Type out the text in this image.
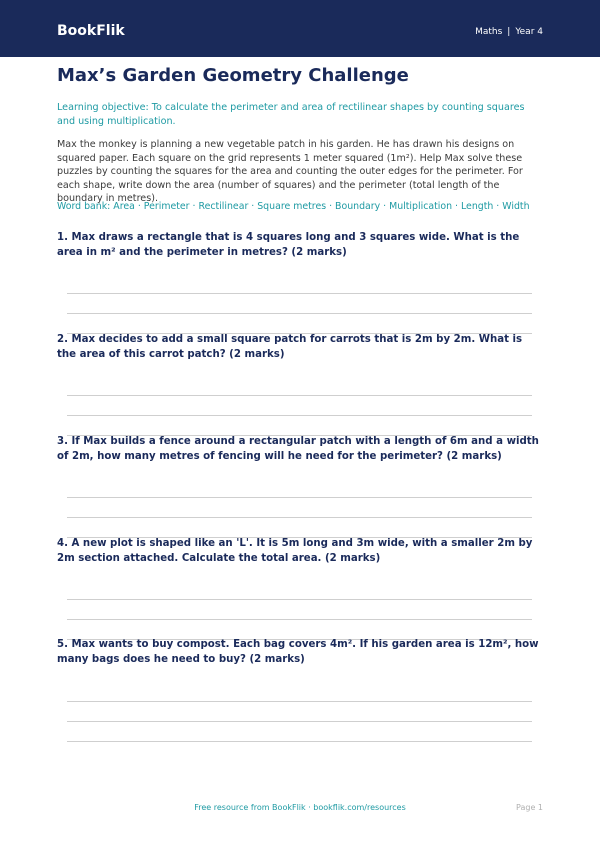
BookFlik	Maths | Year 4
Max’s Garden Geometry Challenge

Learning objective: To calculate the perimeter and area of rectilinear shapes by counting squares and using multiplication.

Max the monkey is planning a new vegetable patch in his garden. He has drawn his designs on squared paper. Each square on the grid represents 1 meter squared (1m²). Help Max solve these puzzles by counting the squares for the area and counting the outer edges for the perimeter. For each shape, write down the area (number of squares) and the perimeter (total length of the boundary in metres).

Word bank: Area · Perimeter · Rectilinear · Square metres · Boundary · Multiplication · Length · Width

1. Max draws a rectangle that is 4 squares long and 3 squares wide. What is the area in m² and the perimeter in metres? (2 marks)

2. Max decides to add a small square patch for carrots that is 2m by 2m. What is the area of this carrot patch? (2 marks)

3. If Max builds a fence around a rectangular patch with a length of 6m and a width of 2m, how many metres of fencing will he need for the perimeter? (2 marks)

4. A new plot is shaped like an 'L'. It is 5m long and 3m wide, with a smaller 2m by 2m section attached. Calculate the total area. (2 marks)

5. Max wants to buy compost. Each bag covers 4m². If his garden area is 12m², how many bags does he need to buy? (2 marks)

Free resource from BookFlik · bookflik.com/resources	Page 1
